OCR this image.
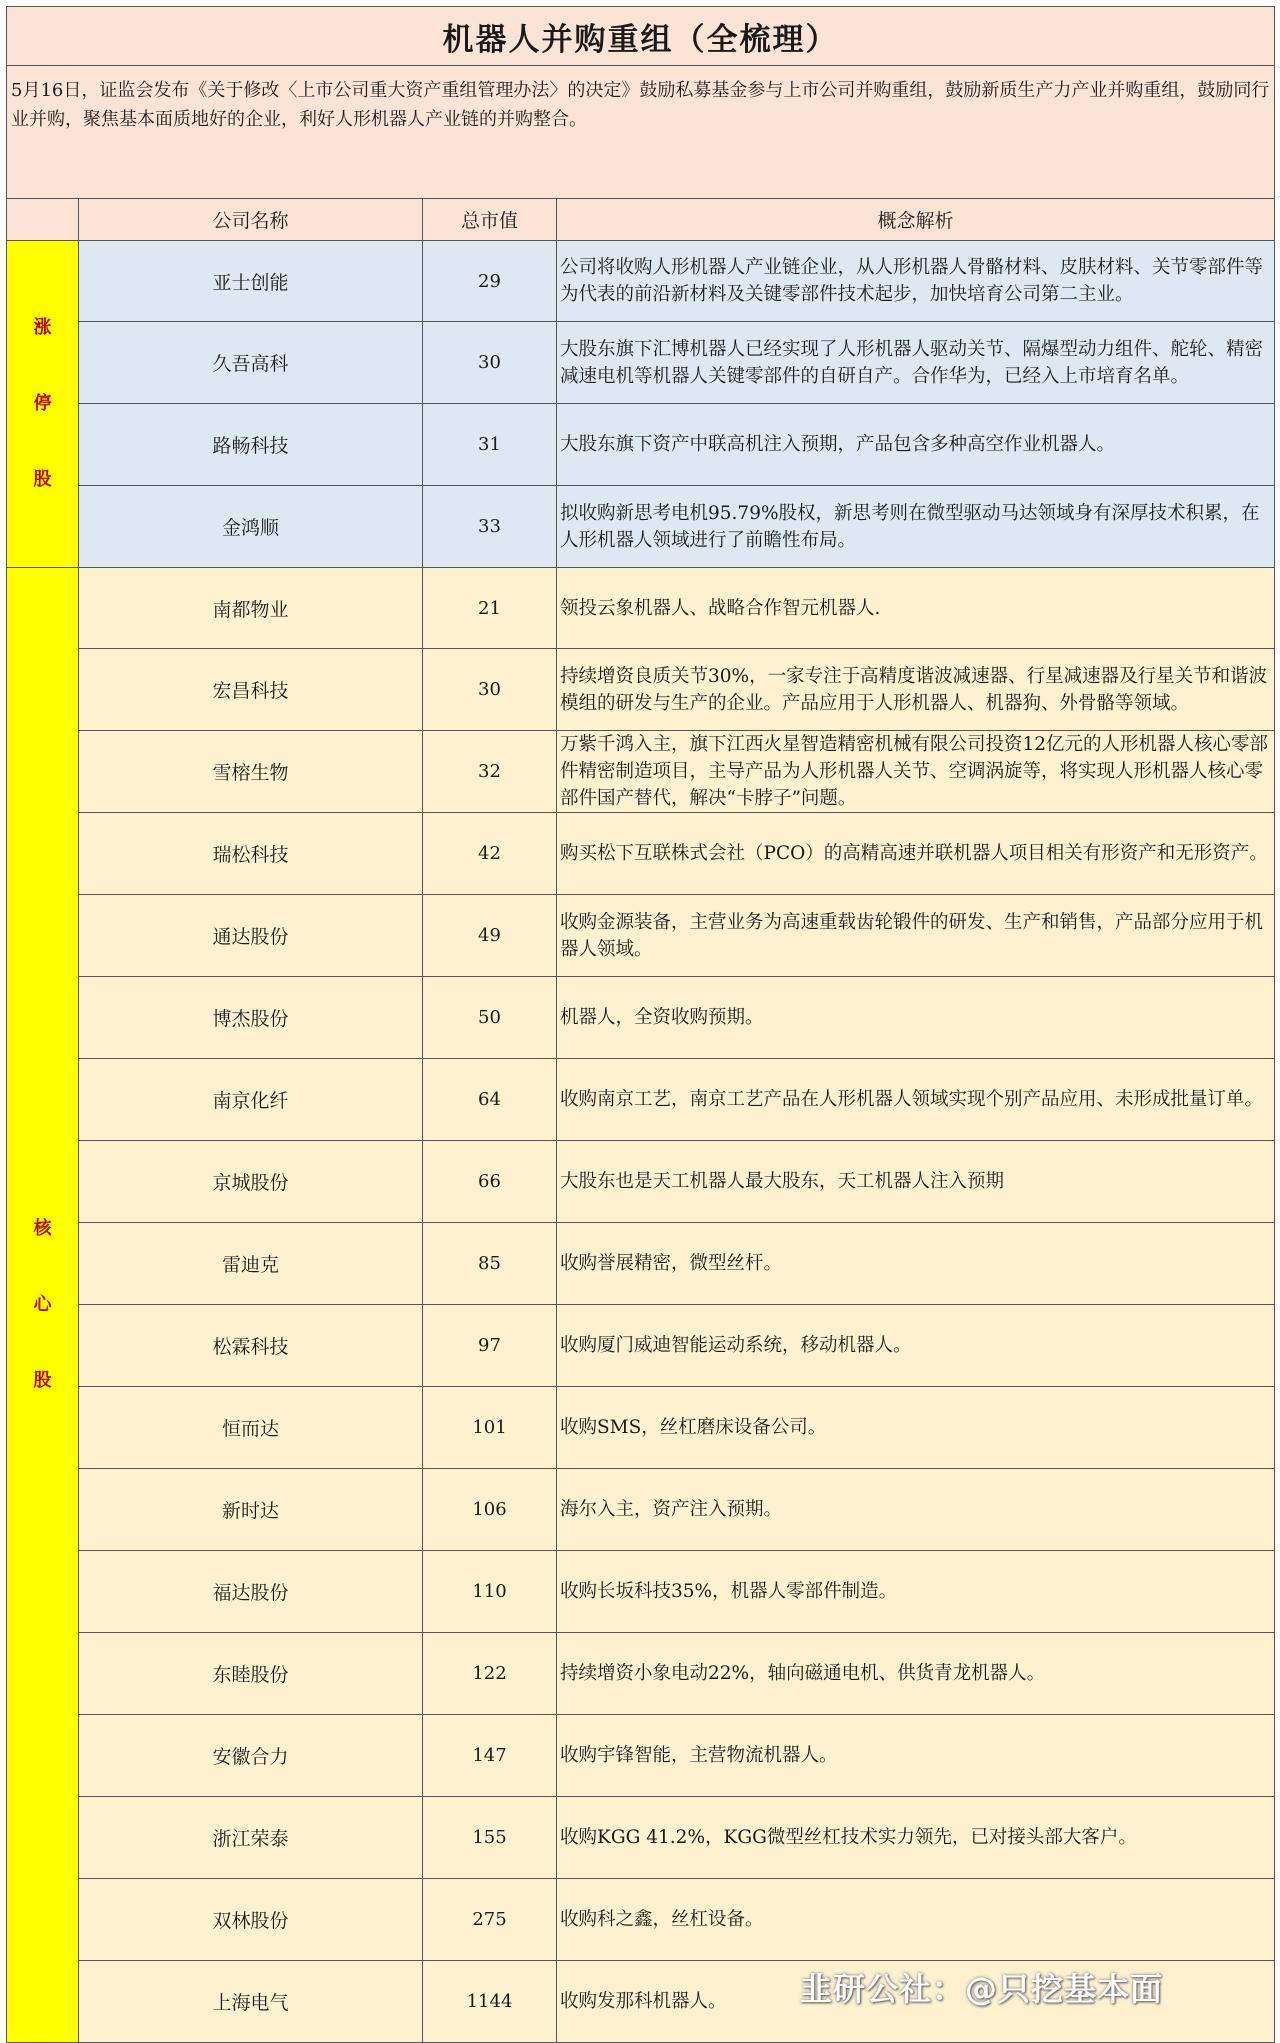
机器人并购重组（全梳理）			
5月16日，证监会发布《关于修改〈上市公司重大资产重组管理办法〉的决定》鼓励私募基金参与上市公司并购重组，鼓励新质生产力产业并购重组，鼓励同行业并购，聚焦基本面质地好的企业，利好人形机器人产业链的并购整合。			
	公司名称	总市值	概念解析

涨
停
股	亚士创能	29	公司将收购人形机器人产业链企业，从人形机器人骨骼材料、皮肤材料、关节零部件等为代表的前沿新材料及关键零部件技术起步，加快培育公司第二主业。
	久吾高科	30	大股东旗下汇博机器人已经实现了人形机器人驱动关节、隔爆型动力组件、舵轮、精密减速电机等机器人关键零部件的自研自产。合作华为，已经入上市培育名单。
	路畅科技	31	大股东旗下资产中联高机注入预期，产品包含多种高空作业机器人。
	金鸿顺	33	拟收购新思考电机95.79%股权，新思考则在微型驱动马达领域身有深厚技术积累，在人形机器人领域进行了前瞻性布局。

核
心
股	南都物业	21	领投云象机器人、战略合作智元机器人.
	宏昌科技	30	持续增资良质关节30%，一家专注于高精度谐波减速器、行星减速器及行星关节和谐波模组的研发与生产的企业。产品应用于人形机器人、机器狗、外骨骼等领域。
	雪榕生物	32	万紫千鸿入主，旗下江西火星智造精密机械有限公司投资12亿元的人形机器人核心零部件精密制造项目，主导产品为人形机器人关节、空调涡旋等，将实现人形机器人核心零部件国产替代，解决“卡脖子”问题。
	瑞松科技	42	购买松下互联株式会社（PCO）的高精高速并联机器人项目相关有形资产和无形资产。
	通达股份	49	收购金源装备，主营业务为高速重载齿轮锻件的研发、生产和销售，产品部分应用于机器人领域。
	博杰股份	50	机器人，全资收购预期。
	南京化纤	64	收购南京工艺，南京工艺产品在人形机器人领域实现个别产品应用、未形成批量订单。
	京城股份	66	大股东也是天工机器人最大股东，天工机器人注入预期
	雷迪克	85	收购誉展精密，微型丝杆。
	松霖科技	97	收购厦门威迪智能运动系统，移动机器人。
	恒而达	101	收购SMS，丝杠磨床设备公司。
	新时达	106	海尔入主，资产注入预期。
	福达股份	110	收购长坂科技35%，机器人零部件制造。
	东睦股份	122	持续增资小象电动22%，轴向磁通电机、供货青龙机器人。
	安徽合力	147	收购宇锋智能，主营物流机器人。
	浙江荣泰	155	收购KGG 41.2%，KGG微型丝杠技术实力领先，已对接头部大客户。
	双林股份	275	收购科之鑫，丝杠设备。
	上海电气	1144	收购发那科机器人。 韭研公社：@只挖基本面
